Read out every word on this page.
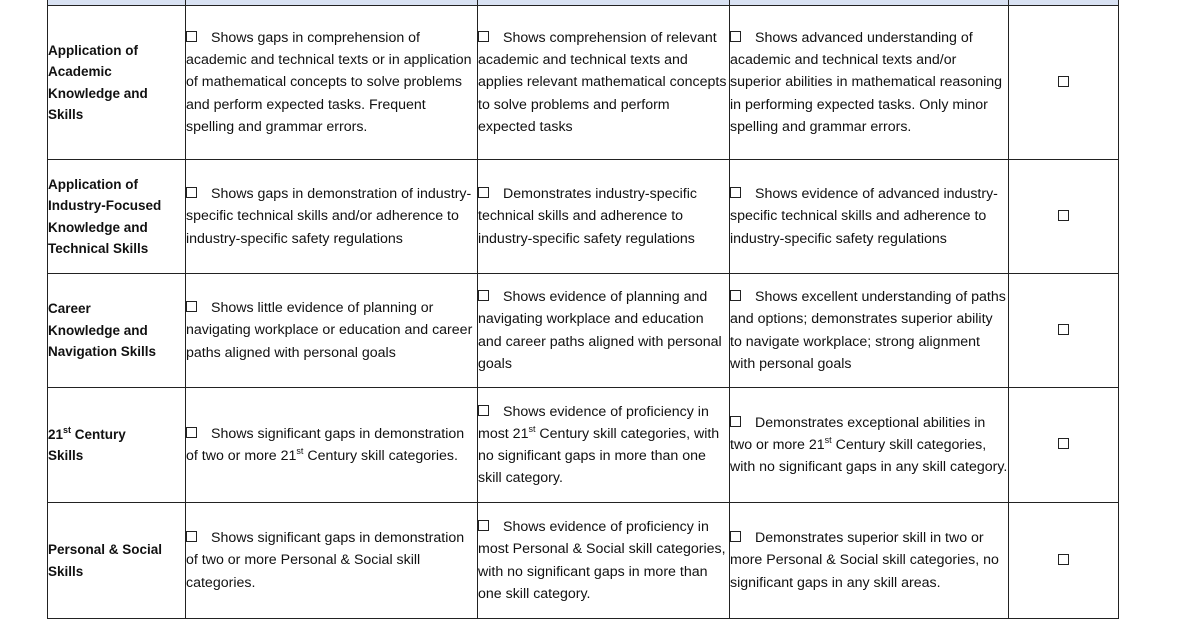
Application of
Academic
Knowledge and
Skills	Shows gaps in comprehension of academic and technical texts or in application of mathematical concepts to solve problems and perform expected tasks. Frequent spelling and grammar errors.	Shows comprehension of relevant academic and technical texts and applies relevant mathematical concepts to solve problems and perform expected tasks	Shows advanced understanding of academic and technical texts and/or superior abilities in mathematical reasoning in performing expected tasks. Only minor spelling and grammar errors.	

Application of
Industry-Focused
Knowledge and
Technical Skills	Shows gaps in demonstration of industry-specific technical skills and/or adherence to industry-specific safety regulations	Demonstrates industry-specific technical skills and adherence to industry-specific safety regulations	Shows evidence of advanced industry-specific technical skills and adherence to industry-specific safety regulations	

Career
Knowledge and
Navigation Skills	Shows little evidence of planning or navigating workplace or education and career paths aligned with personal goals	Shows evidence of planning and navigating workplace and education and career paths aligned with personal goals	Shows excellent understanding of paths and options; demonstrates superior ability to navigate workplace; strong alignment with personal goals	

21st Century
Skills	Shows significant gaps in demonstration of two or more 21st Century skill categories.	Shows evidence of proficiency in most 21st Century skill categories, with no significant gaps in more than one skill category.	Demonstrates exceptional abilities in two or more 21st Century skill categories, with no significant gaps in any skill category.	

Personal & Social
Skills	Shows significant gaps in demonstration of two or more Personal & Social skill categories.	Shows evidence of proficiency in most Personal & Social skill categories, with no significant gaps in more than one skill category.	Demonstrates superior skill in two or more Personal & Social skill categories, no significant gaps in any skill areas.	
